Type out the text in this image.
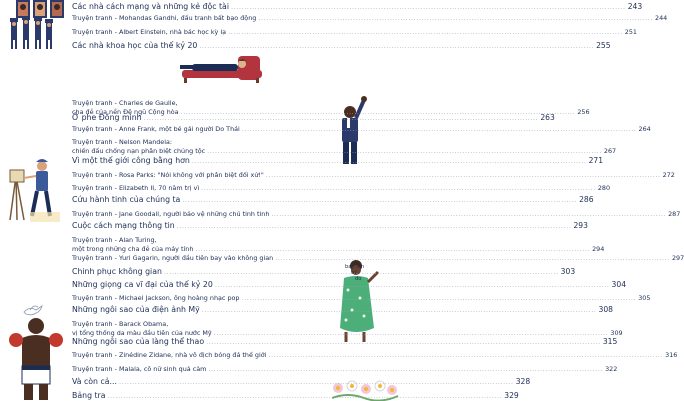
bay lên
tự
do
Các nhà cách mạng và những kẻ độc tài .....	243
Truyện tranh - Mohandas Gandhi, đấu tranh bất bạo động .....	244
Truyện tranh - Albert Einstein, nhà bác học kỳ lạ .....	251
Các nhà khoa học của thế kỷ 20 .....	255
Truyện tranh - Charles de Gaulle,
cha đẻ của nền Đệ ngũ Cộng hòa .....	256
Ở phe Đồng minh .....	263
Truyện tranh - Anne Frank, một bé gái người Do Thái .....	264
Truyện tranh - Nelson Mandela:
chiến đấu chống nạn phân biệt chủng tộc .....	267
Vì một thế giới công bằng hơn .....	271
Truyện tranh - Rosa Parks: "Nói không với phân biệt đối xử!" .....	272
Truyện tranh - Elizabeth II, 70 năm trị vì .....	280
Cứu hành tinh của chúng ta .....	286
Truyện tranh - Jane Goodall, người bảo vệ những chú tinh tinh .....	287
Cuộc cách mạng thông tin .....	293
Truyện tranh - Alan Turing,
một trong những cha đẻ của máy tính .....	294
Truyện tranh - Yuri Gagarin, người đầu tiên bay vào không gian .....	297
Chinh phục không gian .....	303
Những giọng ca vĩ đại của thế kỷ 20 .....	304
Truyện tranh - Michael Jackson, ông hoàng nhạc pop .....	305
Những ngôi sao của điện ảnh Mỹ .....	308
Truyện tranh - Barack Obama,
vị tổng thống da màu đầu tiên của nước Mỹ .....	309
Những ngôi sao của làng thể thao .....	315
Truyện tranh - Zinédine Zidane, nhà vô địch bóng đá thế giới .....	316
Truyện tranh - Malala, cô nữ sinh quả cảm .....	322
Và còn cả... .....	328
Bảng tra .....	329
